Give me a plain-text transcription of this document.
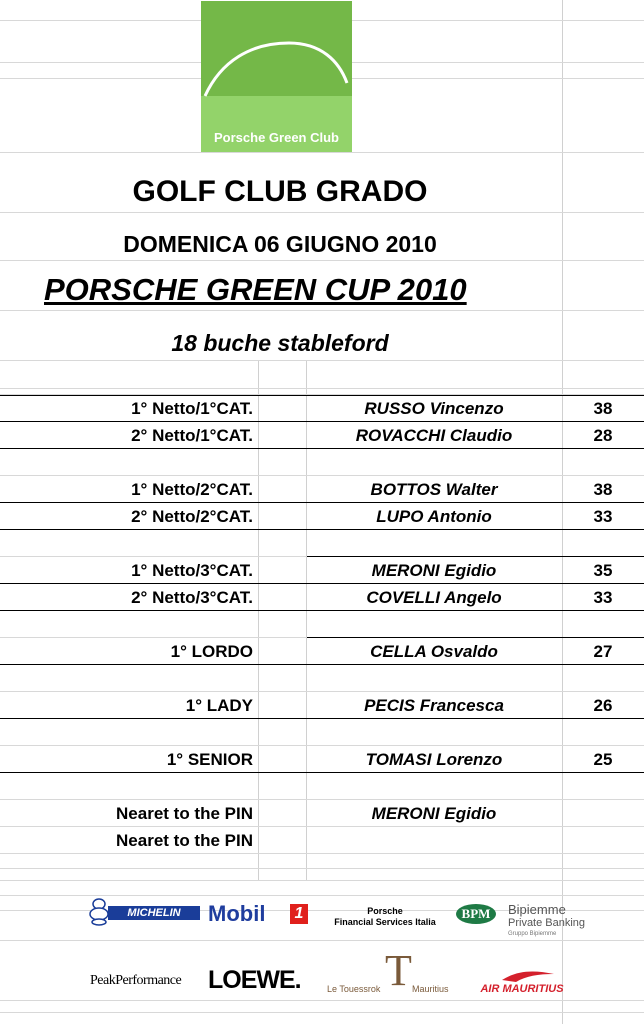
Porsche Green Club
GOLF CLUB GRADO
DOMENICA 06 GIUGNO 2010
PORSCHE GREEN CUP 2010
18 buche stableford
1° Netto/1°CAT.	RUSSO Vincenzo	38
2° Netto/1°CAT.	ROVACCHI Claudio	28
1° Netto/2°CAT.	BOTTOS Walter	38
2° Netto/2°CAT.	LUPO Antonio	33
1° Netto/3°CAT.	MERONI Egidio	35
2° Netto/3°CAT.	COVELLI Angelo	33
1° LORDO	CELLA Osvaldo	27
1° LADY	PECIS Francesca	26
1° SENIOR	TOMASI Lorenzo	25
Nearet to the PIN	MERONI Egidio
Nearet to the PIN
MICHELIN	Mobil 1	Porsche
Financial Services Italia
BPM	Bipiemme
Private Banking
Gruppo Bipiemme
PeakPerformance LOEWE. T
Le Touessrok	Mauritius	AIR MAURITIUS
